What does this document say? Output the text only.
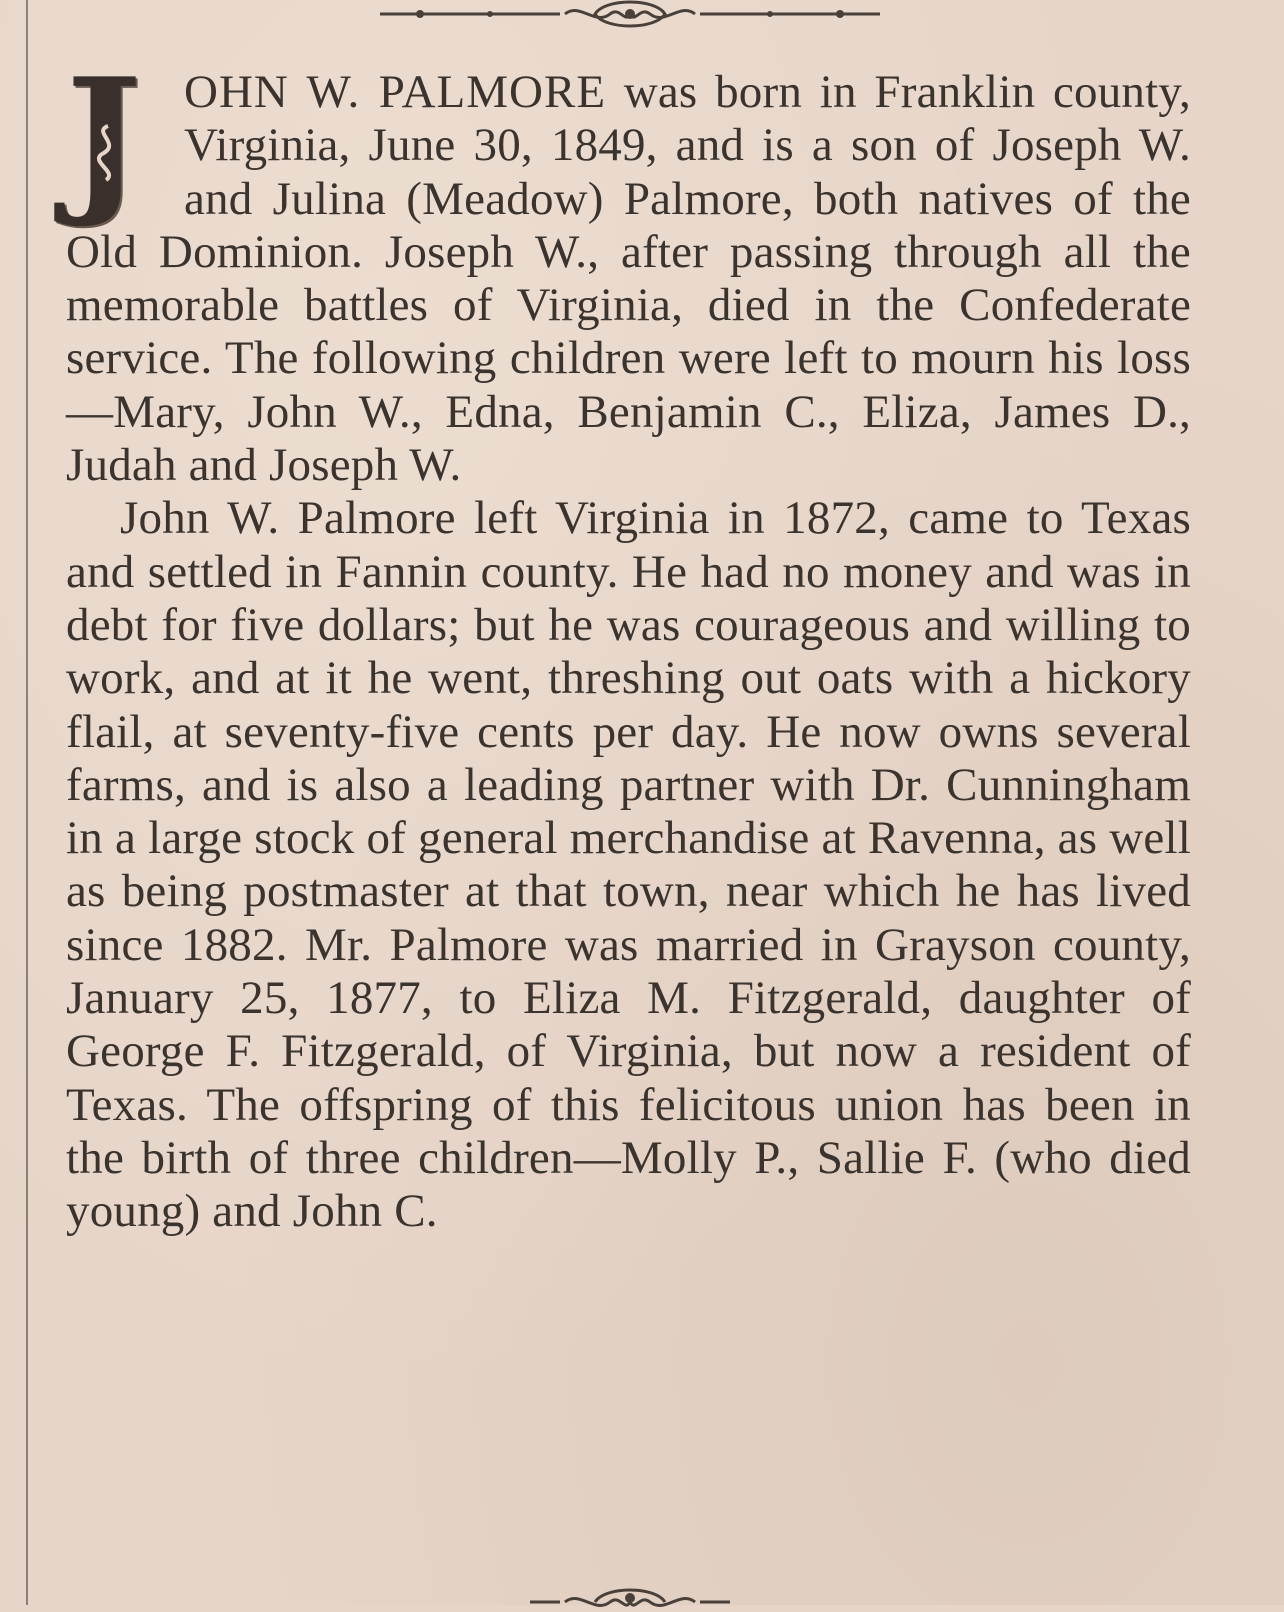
J OHN W. PALMORE was born in Franklin county, Virginia, June 30, 1849, and is a son of Joseph W. and Julina (Meadow) Palmore, both natives of the Old Dominion. Joseph W., after passing through all the memorable battles of Virginia, died in the Confederate service. The following children were left to mourn his loss—Mary, John W., Edna, Benjamin C., Eliza, James D., Judah and Joseph W.

John W. Palmore left Virginia in 1872, came to Texas and settled in Fannin county. He had no money and was in debt for five dollars; but he was courageous and willing to work, and at it he went, threshing out oats with a hickory flail, at seventy-five cents per day. He now owns several farms, and is also a leading partner with Dr. Cunningham in a large stock of general merchandise at Ravenna, as well as being postmaster at that town, near which he has lived since 1882. Mr. Palmore was married in Grayson county, January 25, 1877, to Eliza M. Fitzgerald, daughter of George F. Fitzgerald, of Virginia, but now a resident of Texas. The offspring of this felicitous union has been in the birth of three children—Molly P., Sallie F. (who died young) and John C.
